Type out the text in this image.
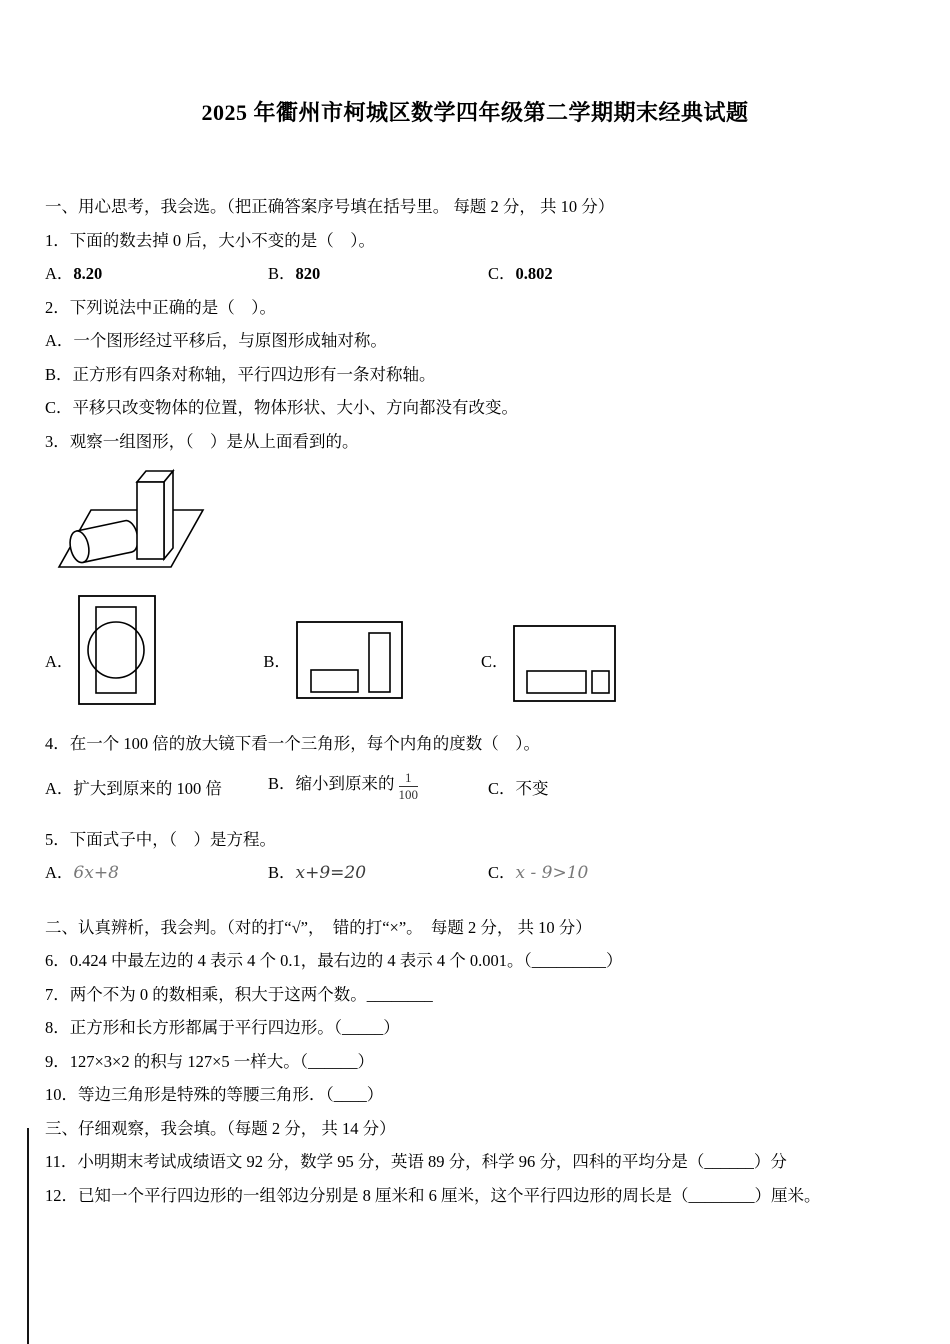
2025 年衢州市柯城区数学四年级第二学期期末经典试题
一、用心思考，我会选。（把正确答案序号填在括号里。 每题 2 分， 共 10 分）
1．下面的数去掉 0 后，大小不变的是（　）。
A．8.20	B．820	C．0.802
2．下列说法中正确的是（　）。
A．一个图形经过平移后，与原图形成轴对称。
B．正方形有四条对称轴，平行四边形有一条对称轴。
C．平移只改变物体的位置，物体形状、大小、方向都没有改变。
3．观察一组图形，（　）是从上面看到的。
A．	B．	C．
4．在一个 100 倍的放大镜下看一个三角形，每个内角的度数（　）。
A．扩大到原来的 100 倍	B．缩小到原来的 $\frac{1}{100}$	C．不变
5．下面式子中，（　）是方程。
A．6x+8	B．x+9=20	C．x - 9>10
二、认真辨析，我会判。（对的打“√”，  错的打“×”。  每题 2 分， 共 10 分）
6．0.424 中最左边的 4 表示 4 个 0.1，最右边的 4 表示 4 个 0.001。（_________）
7．两个不为 0 的数相乘，积大于这两个数。________
8．正方形和长方形都属于平行四边形。（_____）
9．127×3×2 的积与 127×5 一样大。（______）
10．等边三角形是特殊的等腰三角形．（____）
三、仔细观察，我会填。（每题 2 分， 共 14 分）
11．小明期末考试成绩语文 92 分，数学 95 分，英语 89 分，科学 96 分，四科的平均分是（______）分
12．已知一个平行四边形的一组邻边分别是 8 厘米和 6 厘米，这个平行四边形的周长是（________）厘米。
